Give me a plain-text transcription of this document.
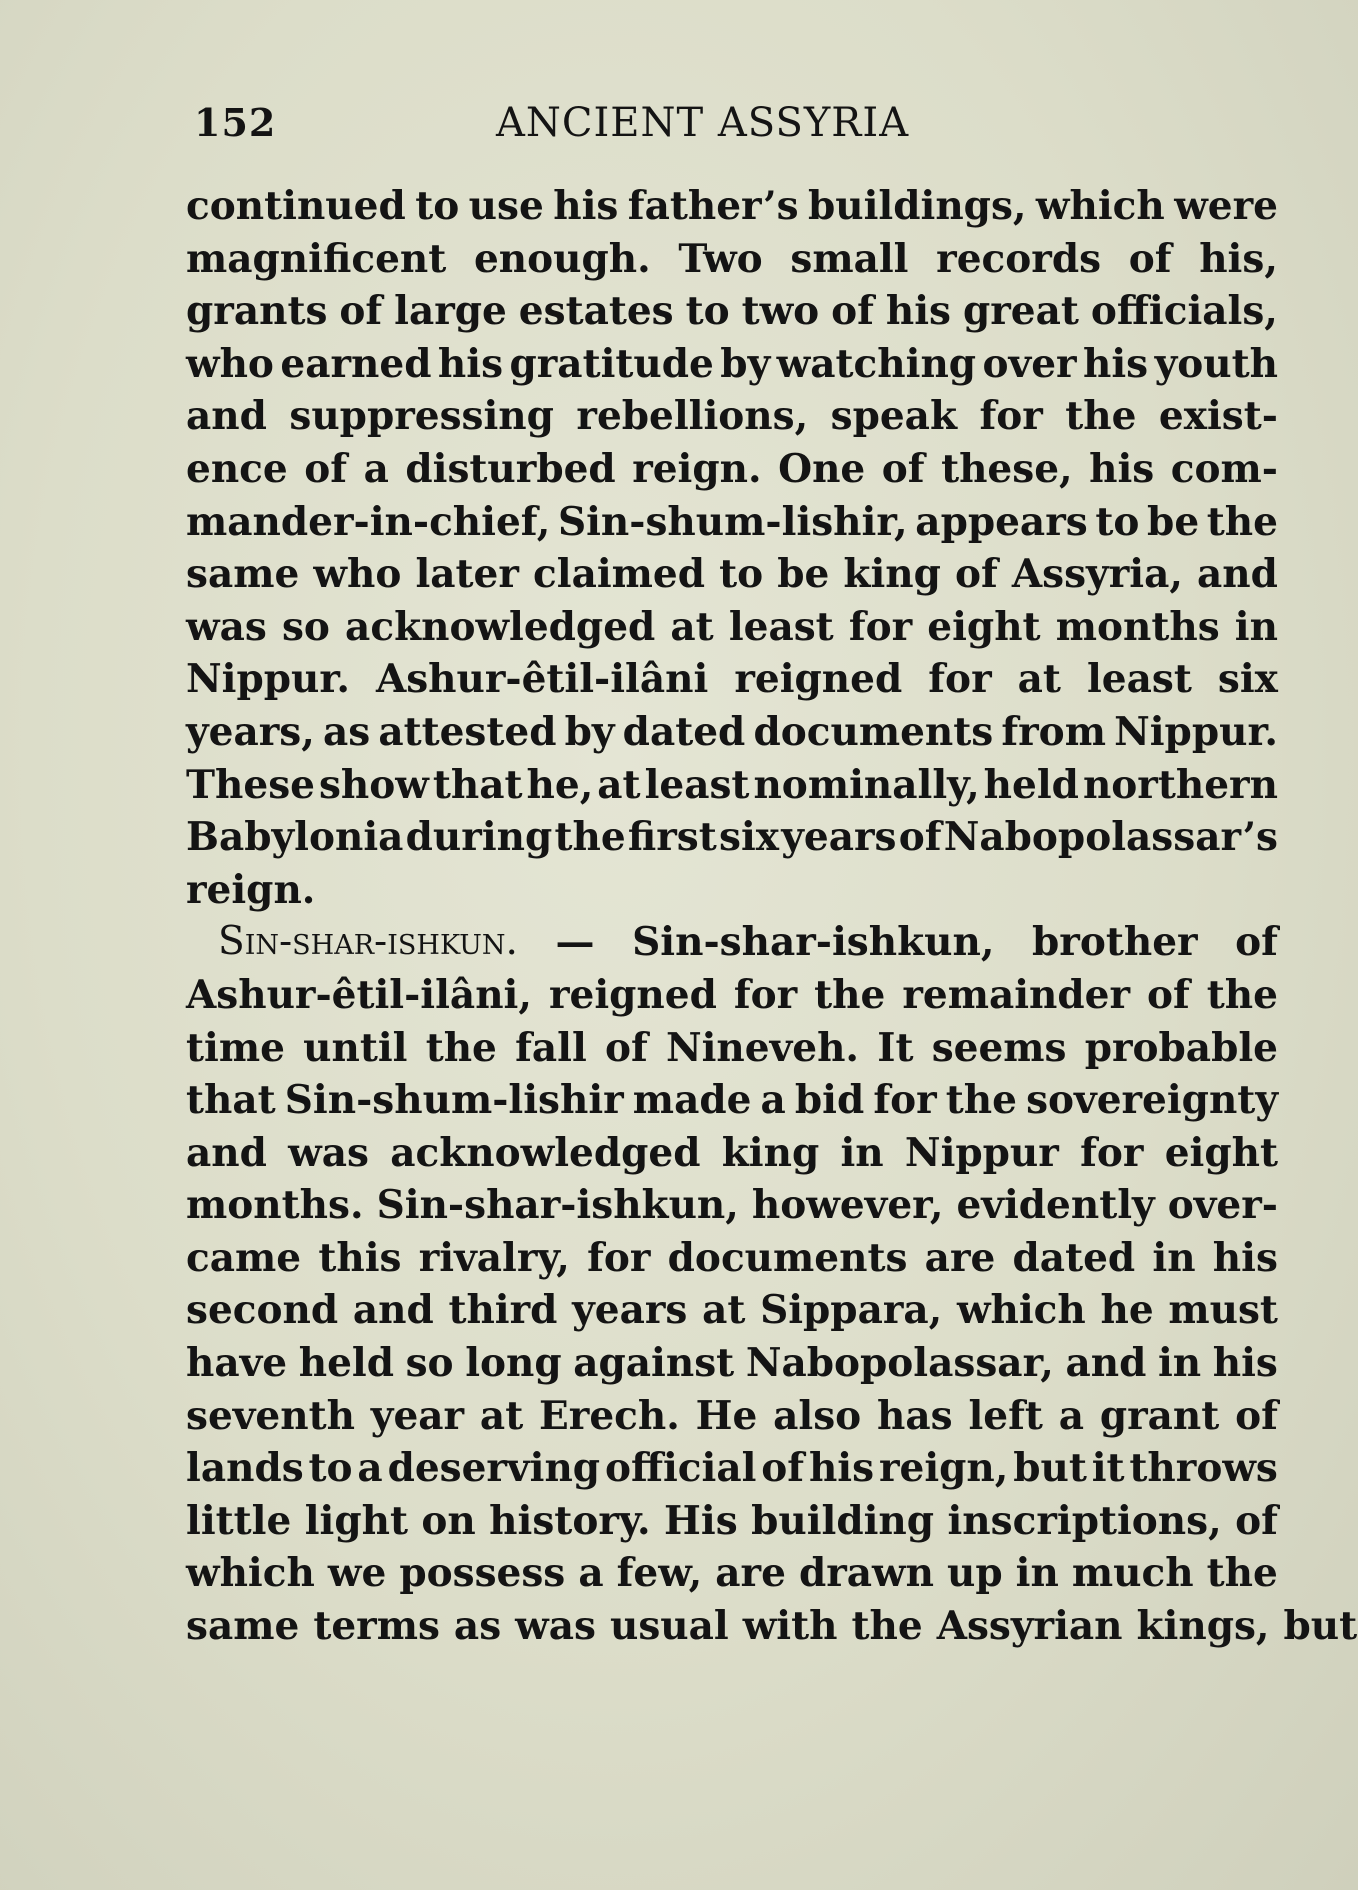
152	ANCIENT ASSYRIA
continued to use his father’s buildings, which were
magnificent enough. Two small records of his,
grants of large estates to two of his great officials,
who earned his gratitude by watching over his youth
and suppressing rebellions, speak for the exist-
ence of a disturbed reign. One of these, his com-
mander-in-chief, Sin-shum-lishir, appears to be the
same who later claimed to be king of Assyria, and
was so acknowledged at least for eight months in
Nippur. Ashur-êtil-ilâni reigned for at least six
years, as attested by dated documents from Nippur.
These show that he, at least nominally, held northern
Babylonia during the first six years of Nabopolassar’s
reign.
Sin-shar-ishkun. — Sin-shar-ishkun, brother of
Ashur-êtil-ilâni, reigned for the remainder of the
time until the fall of Nineveh. It seems probable
that Sin-shum-lishir made a bid for the sovereignty
and was acknowledged king in Nippur for eight
months. Sin-shar-ishkun, however, evidently over-
came this rivalry, for documents are dated in his
second and third years at Sippara, which he must
have held so long against Nabopolassar, and in his
seventh year at Erech. He also has left a grant of
lands to a deserving official of his reign, but it throws
little light on history. His building inscriptions, of
which we possess a few, are drawn up in much the
same terms as was usual with the Assyrian kings, but
